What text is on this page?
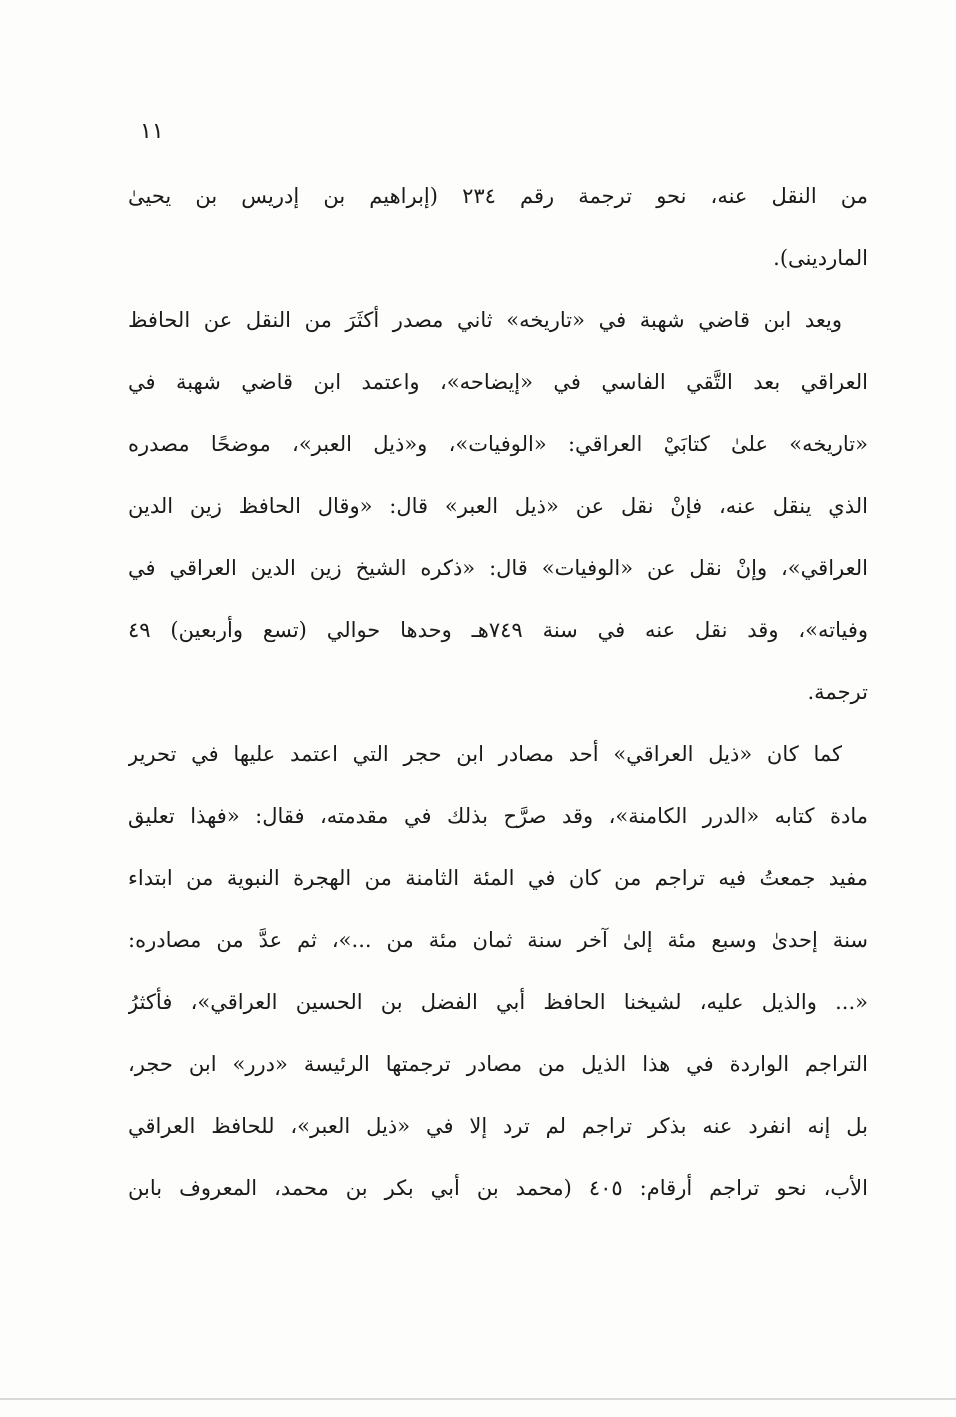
١١
من النقل عنه، نحو ترجمة رقم ٢٣٤ (إبراهيم بن إدريس بن يحيىٰ
الماردينى).
ويعد ابن قاضي شهبة في «تاريخه» ثاني مصدر أكثَرَ من النقل عن الحافظ
العراقي بعد التَّقي الفاسي في «إيضاحه»، واعتمد ابن قاضي شهبة في
«تاريخه» علىٰ كتابَيْ العراقي: «الوفيات»، و«ذيل العبر»، موضحًا مصدره
الذي ينقل عنه، فإنْ نقل عن «ذيل العبر» قال: «وقال الحافظ زين الدين
العراقي»، وإنْ نقل عن «الوفيات» قال: «ذكره الشيخ زين الدين العراقي في
وفياته»، وقد نقل عنه في سنة ٧٤٩هـ وحدها حوالي (تسع وأربعين) ٤٩
ترجمة.
كما كان «ذيل العراقي» أحد مصادر ابن حجر التي اعتمد عليها في تحرير
مادة كتابه «الدرر الكامنة»، وقد صرَّح بذلك في مقدمته، فقال: «فهذا تعليق
مفيد جمعتُ فيه تراجم من كان في المئة الثامنة من الهجرة النبوية من ابتداء
سنة إحدىٰ وسبع مئة إلىٰ آخر سنة ثمان مئة من ...»، ثم عدَّ من مصادره:
«... والذيل عليه، لشيخنا الحافظ أبي الفضل بن الحسين العراقي»، فأكثرُ
التراجم الواردة في هذا الذيل من مصادر ترجمتها الرئيسة «درر» ابن حجر،
بل إنه انفرد عنه بذكر تراجم لم ترد إلا في «ذيل العبر»، للحافظ العراقي
الأب، نحو تراجم أرقام: ٤٠٥ (محمد بن أبي بكر بن محمد، المعروف بابن
